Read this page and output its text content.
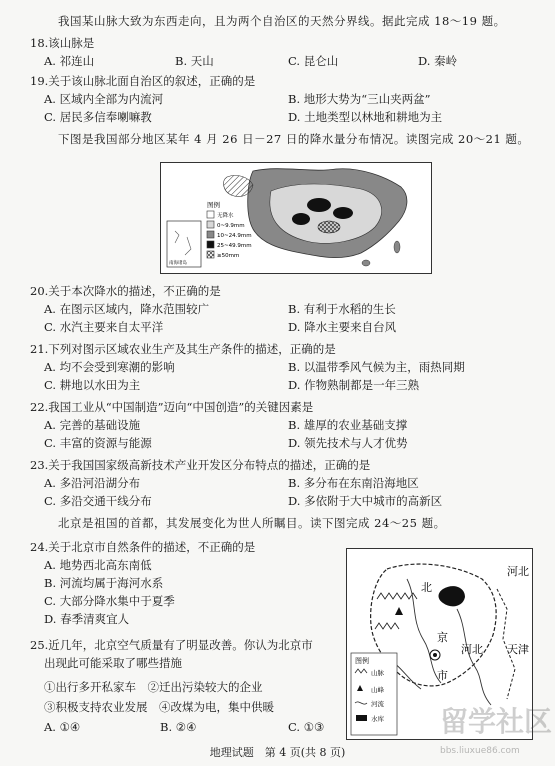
我国某山脉大致为东西走向，且为两个自治区的天然分界线。据此完成 18～19 题。
18.该山脉是
A. 祁连山	B. 天山	C. 昆仑山	D. 秦岭
19.关于该山脉北面自治区的叙述，正确的是
A. 区域内全部为内流河	B. 地形大势为“三山夹两盆”
C. 居民多信奉喇嘛教	D. 土地类型以林地和耕地为主
下图是我国部分地区某年 4 月 26 日－27 日的降水量分布情况。读图完成 20～21 题。
图例
无降水
0~9.9mm
10~24.9mm
25~49.9mm
≥50mm
南海诸岛
20.关于本次降水的描述，不正确的是
A. 在图示区域内，降水范围较广	B. 有利于水稻的生长
C. 水汽主要来自太平洋	D. 降水主要来自台风
21.下列对图示区域农业生产及其生产条件的描述，正确的是
A. 均不会受到寒潮的影响	B. 以温带季风气候为主，雨热同期
C. 耕地以水田为主	D. 作物熟制都是一年三熟
22.我国工业从“中国制造”迈向“中国创造”的关键因素是
A. 完善的基础设施	B. 雄厚的农业基础支撑
C. 丰富的资源与能源	D. 领先技术与人才优势
23.关于我国国家级高新技术产业开发区分布特点的描述，正确的是
A. 多沿河沿湖分布	B. 多分布在东南沿海地区
C. 多沿交通干线分布	D. 多依附于大中城市的高新区
北京是祖国的首都，其发展变化为世人所瞩目。读下图完成 24～25 题。
24.关于北京市自然条件的描述，不正确的是
A. 地势西北高东南低
B. 河流均属于海河水系
C. 大部分降水集中于夏季
D. 春季清爽宜人
25.近几年，北京空气质量有了明显改善。你认为北京市
出现此可能采取了哪些措施
①出行多开私家车　②迁出污染较大的企业
③积极支持农业发展　④改煤为电，集中供暖
A. ①④	B. ②④	C. ①③
河北
北
京
市
河北 天津
图例
山脉
山峰
河流
水库
地理试题　第 4 页(共 8 页)
留学社区
bbs.liuxue86.com
